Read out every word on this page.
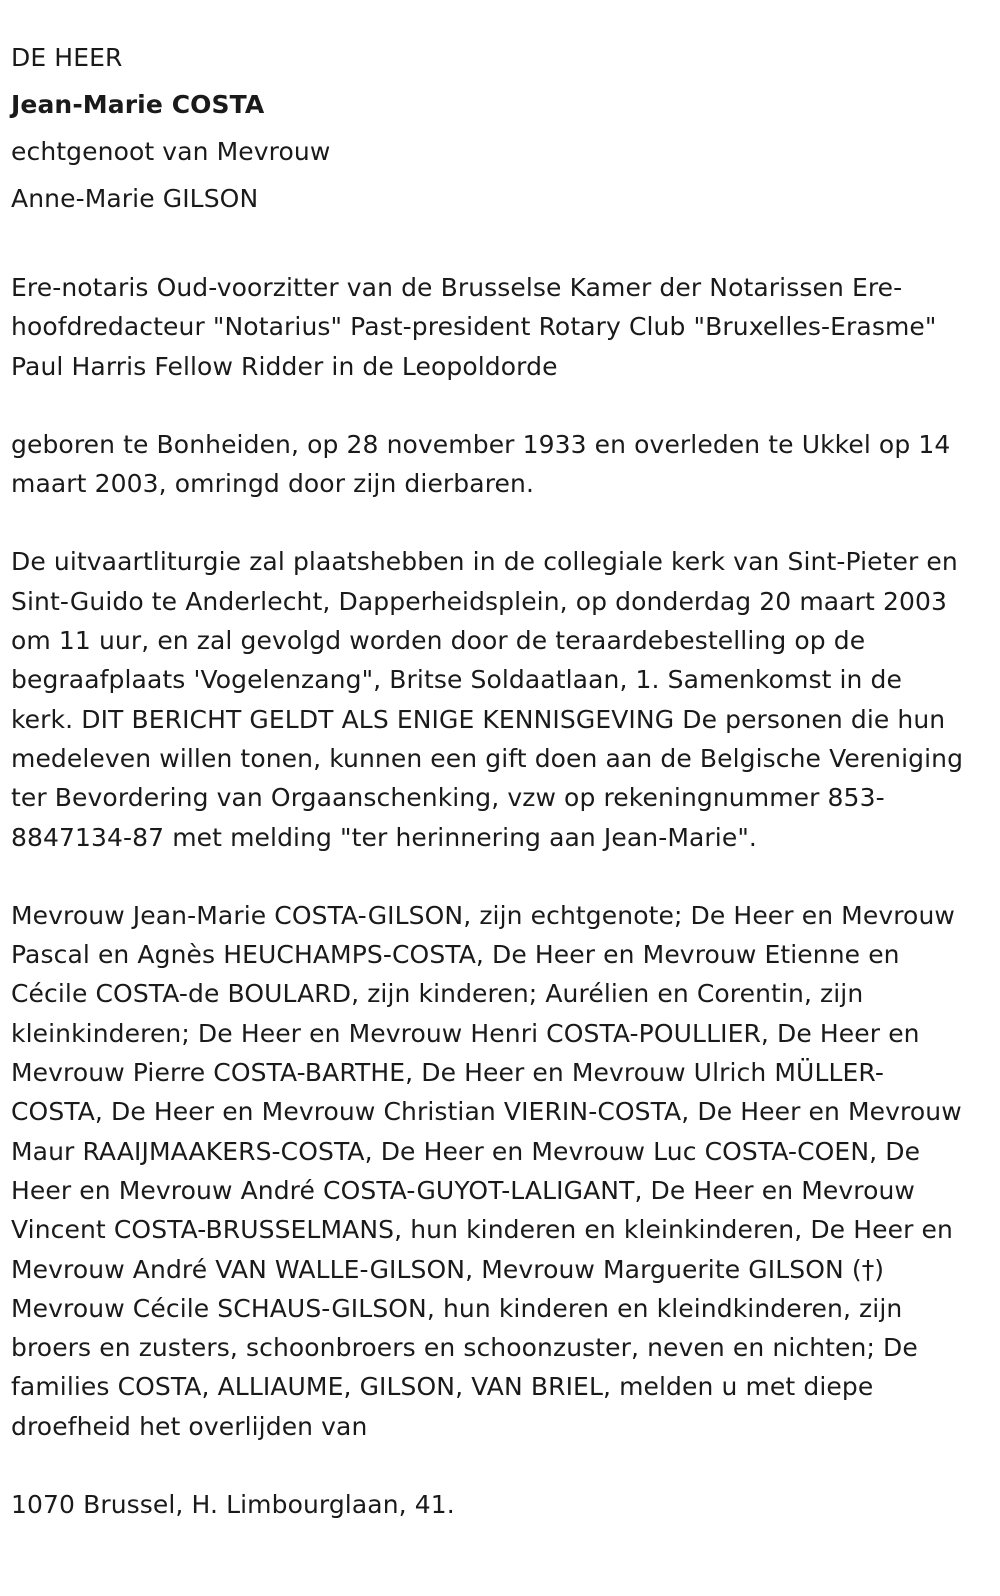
DE HEER

Jean-Marie COSTA

echtgenoot van Mevrouw

Anne-Marie GILSON

Ere-notaris Oud-voorzitter van de Brusselse Kamer der Notarissen Ere-hoofdredacteur "Notarius" Past-president Rotary Club "Bruxelles-Erasme" Paul Harris Fellow Ridder in de Leopoldorde

geboren te Bonheiden, op 28 november 1933 en overleden te Ukkel op 14 maart 2003, omringd door zijn dierbaren.

De uitvaartliturgie zal plaatshebben in de collegiale kerk van Sint-Pieter en Sint-Guido te Anderlecht, Dapperheidsplein, op donderdag 20 maart 2003 om 11 uur, en zal gevolgd worden door de teraardebestelling op de begraafplaats 'Vogelenzang", Britse Soldaatlaan, 1. Samenkomst in de kerk. DIT BERICHT GELDT ALS ENIGE KENNISGEVING De personen die hun medeleven willen tonen, kunnen een gift doen aan de Belgische Vereniging ter Bevordering van Orgaanschenking, vzw op rekeningnummer 853-8847134-87 met melding "ter herinnering aan Jean-Marie".

Mevrouw Jean-Marie COSTA-GILSON, zijn echtgenote; De Heer en Mevrouw Pascal en Agnès HEUCHAMPS-COSTA, De Heer en Mevrouw Etienne en Cécile COSTA-de BOULARD, zijn kinderen; Aurélien en Corentin, zijn kleinkinderen; De Heer en Mevrouw Henri COSTA-POULLIER, De Heer en Mevrouw Pierre COSTA-BARTHE, De Heer en Mevrouw Ulrich MÜLLER-COSTA, De Heer en Mevrouw Christian VIERIN-COSTA, De Heer en Mevrouw Maur RAAIJMAAKERS-COSTA, De Heer en Mevrouw Luc COSTA-COEN, De Heer en Mevrouw André COSTA-GUYOT-LALIGANT, De Heer en Mevrouw Vincent COSTA-BRUSSELMANS, hun kinderen en kleinkinderen, De Heer en Mevrouw André VAN WALLE-GILSON, Mevrouw Marguerite GILSON (†) Mevrouw Cécile SCHAUS-GILSON, hun kinderen en kleindkinderen, zijn broers en zusters, schoonbroers en schoonzuster, neven en nichten; De families COSTA, ALLIAUME, GILSON, VAN BRIEL, melden u met diepe droefheid het overlijden van

1070 Brussel, H. Limbourglaan, 41.
